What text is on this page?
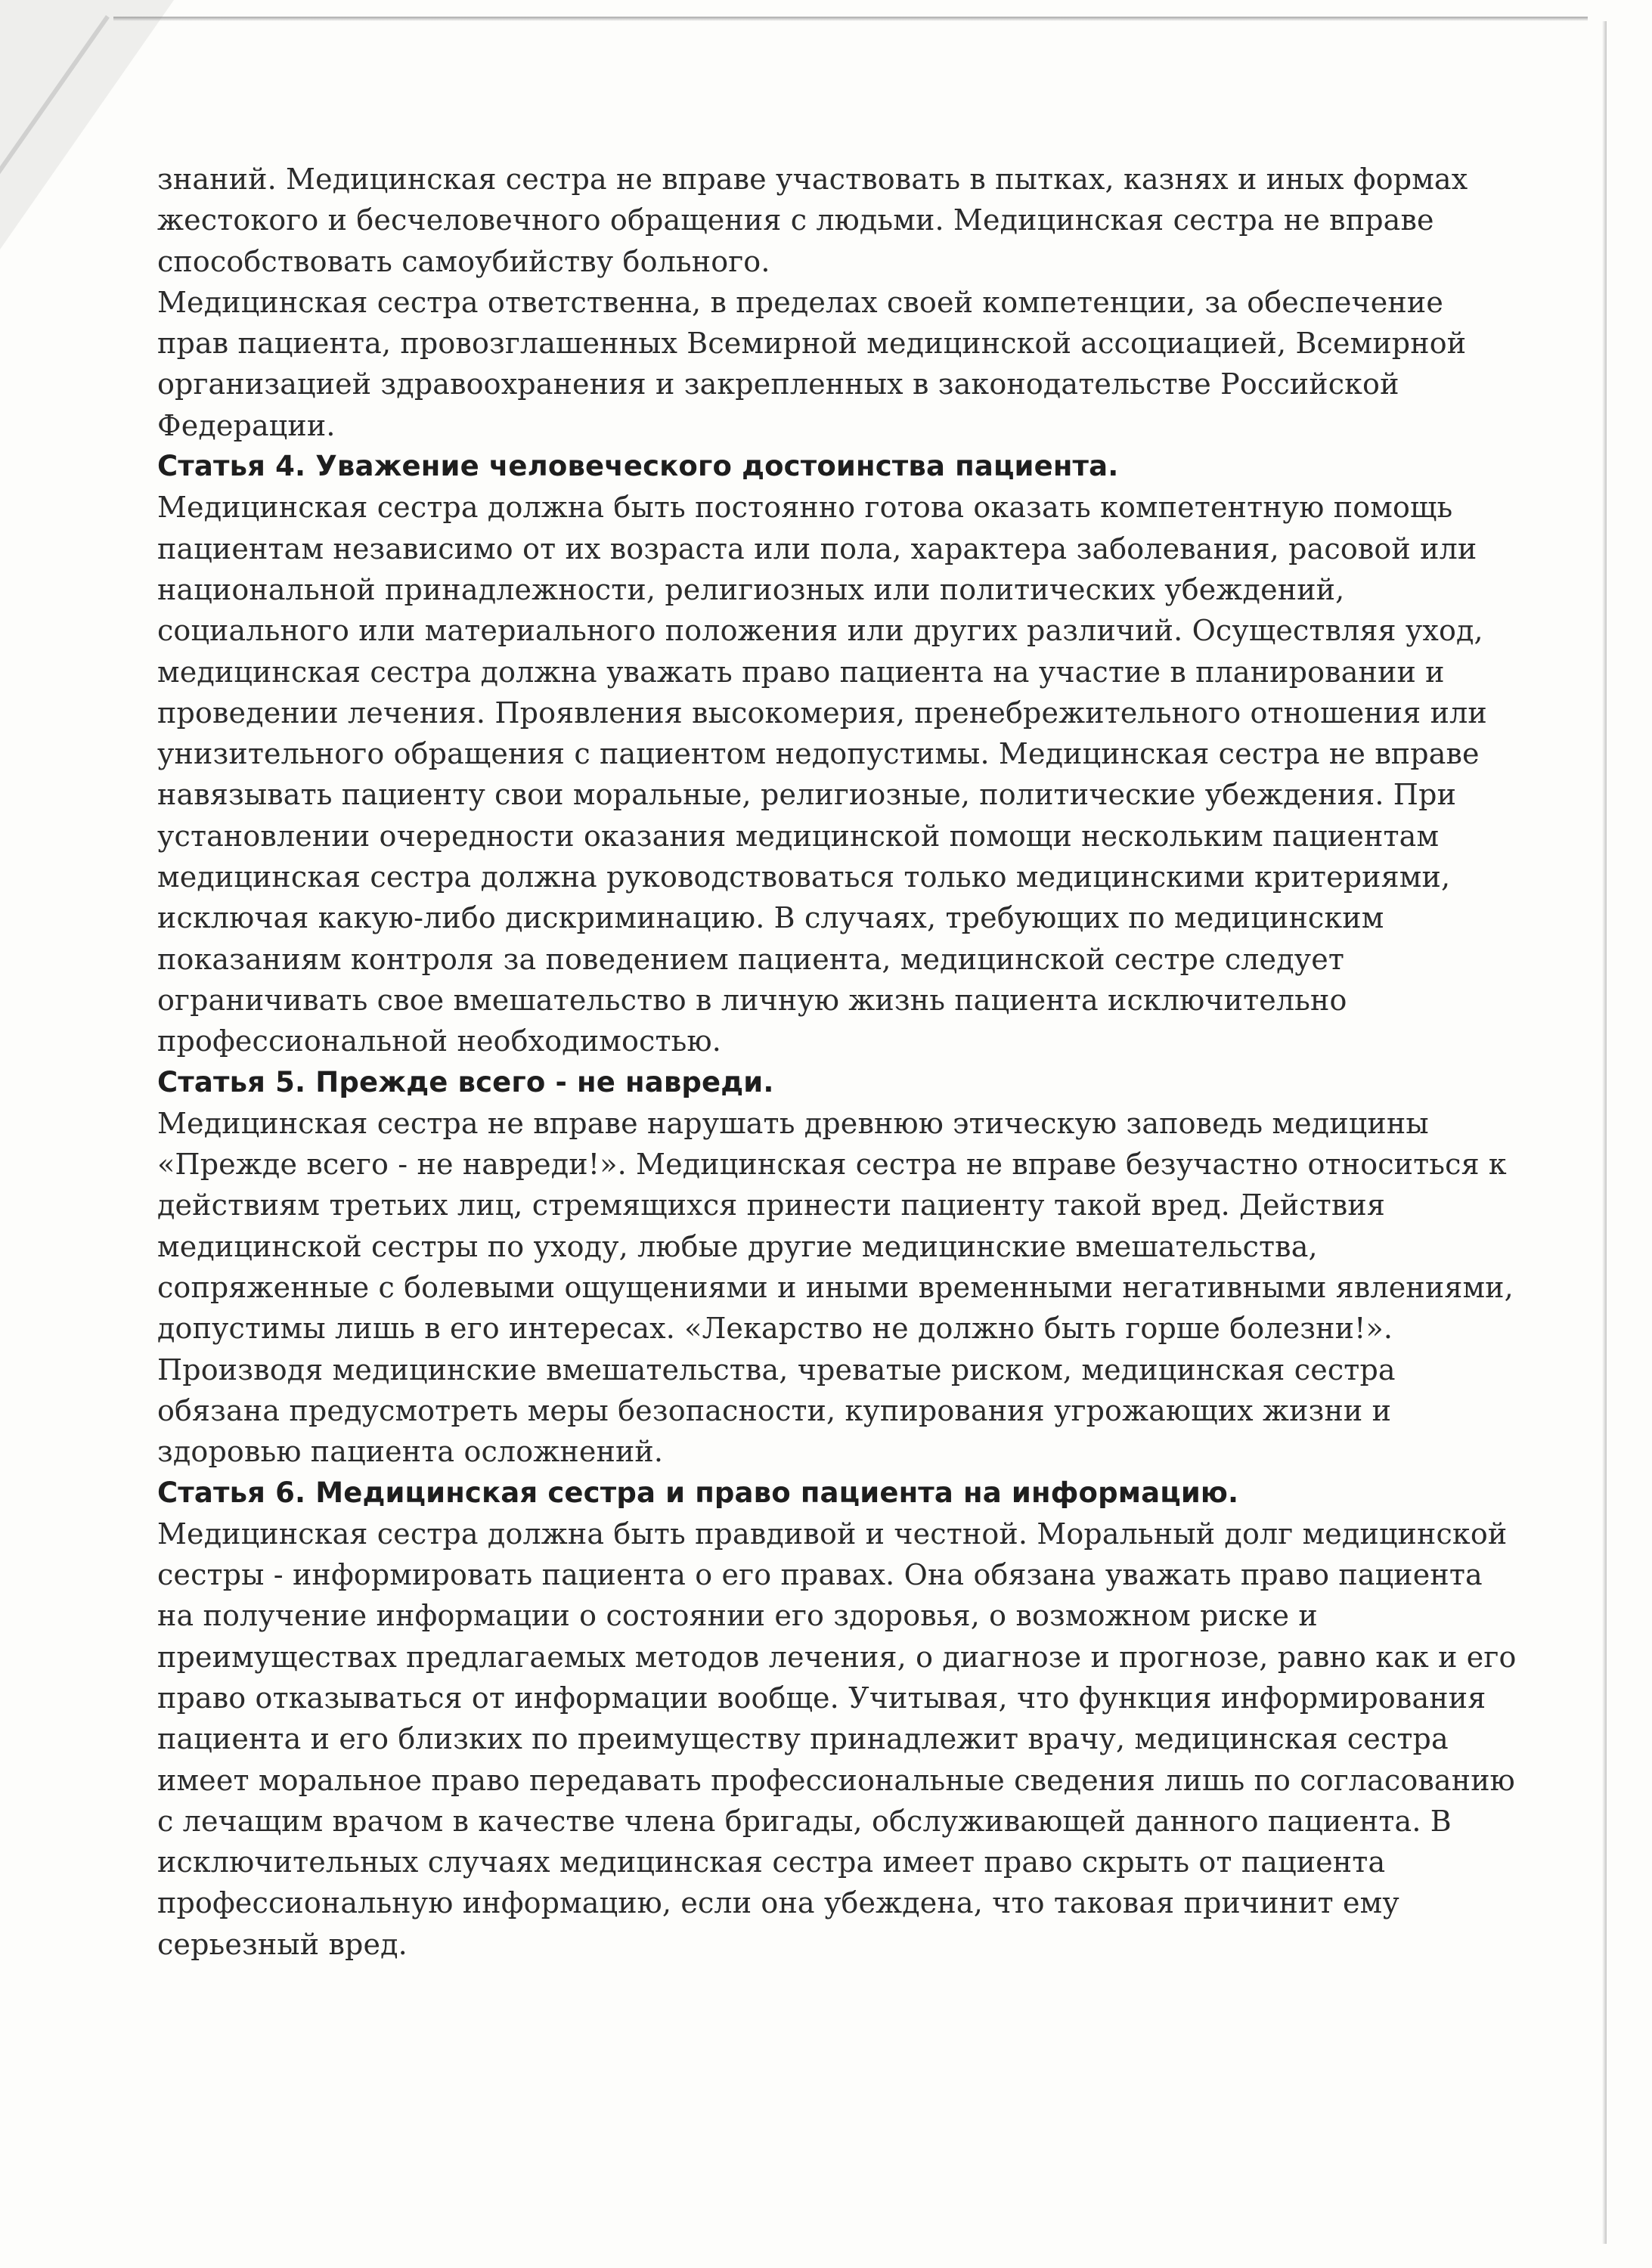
знаний. Медицинская сестра не вправе участвовать в пытках, казнях и иных формах жестокого и бесчеловечного обращения с людьми. Медицинская сестра не вправе способствовать самоубийству больного.

Медицинская сестра ответственна, в пределах своей компетенции, за обеспечение прав пациента, провозглашенных Всемирной медицинской ассоциацией, Всемирной организацией здравоохранения и закрепленных в законодательстве Российской Федерации.

Статья 4. Уважение человеческого достоинства пациента.

Медицинская сестра должна быть постоянно готова оказать компетентную помощь пациентам независимо от их возраста или пола, характера заболевания, расовой или национальной принадлежности, религиозных или политических убеждений, социального или материального положения или других различий. Осуществляя уход, медицинская сестра должна уважать право пациента на участие в планировании и проведении лечения. Проявления высокомерия, пренебрежительного отношения или унизительного обращения с пациентом недопустимы. Медицинская сестра не вправе навязывать пациенту свои моральные, религиозные, политические убеждения. При установлении очередности оказания медицинской помощи нескольким пациентам медицинская сестра должна руководствоваться только медицинскими критериями, исключая какую-либо дискриминацию. В случаях, требующих по медицинским показаниям контроля за поведением пациента, медицинской сестре следует ограничивать свое вмешательство в личную жизнь пациента исключительно профессиональной необходимостью.

Статья 5. Прежде всего - не навреди.

Медицинская сестра не вправе нарушать древнюю этическую заповедь медицины «Прежде всего - не навреди!». Медицинская сестра не вправе безучастно относиться к действиям третьих лиц, стремящихся принести пациенту такой вред. Действия медицинской сестры по уходу, любые другие медицинские вмешательства, сопряженные с болевыми ощущениями и иными временными негативными явлениями, допустимы лишь в его интересах. «Лекарство не должно быть горше болезни!». Производя медицинские вмешательства, чреватые риском, медицинская сестра обязана предусмотреть меры безопасности, купирования угрожающих жизни и здоровью пациента осложнений.

Статья 6. Медицинская сестра и право пациента на информацию.

Медицинская сестра должна быть правдивой и честной. Моральный долг медицинской сестры - информировать пациента о его правах. Она обязана уважать право пациента на получение информации о состоянии его здоровья, о возможном риске и преимуществах предлагаемых методов лечения, о диагнозе и прогнозе, равно как и его право отказываться от информации вообще. Учитывая, что функция информирования пациента и его близких по преимуществу принадлежит врачу, медицинская сестра имеет моральное право передавать профессиональные сведения лишь по согласованию с лечащим врачом в качестве члена бригады, обслуживающей данного пациента. В исключительных случаях медицинская сестра имеет право скрыть от пациента профессиональную информацию, если она убеждена, что таковая причинит ему серьезный вред.
